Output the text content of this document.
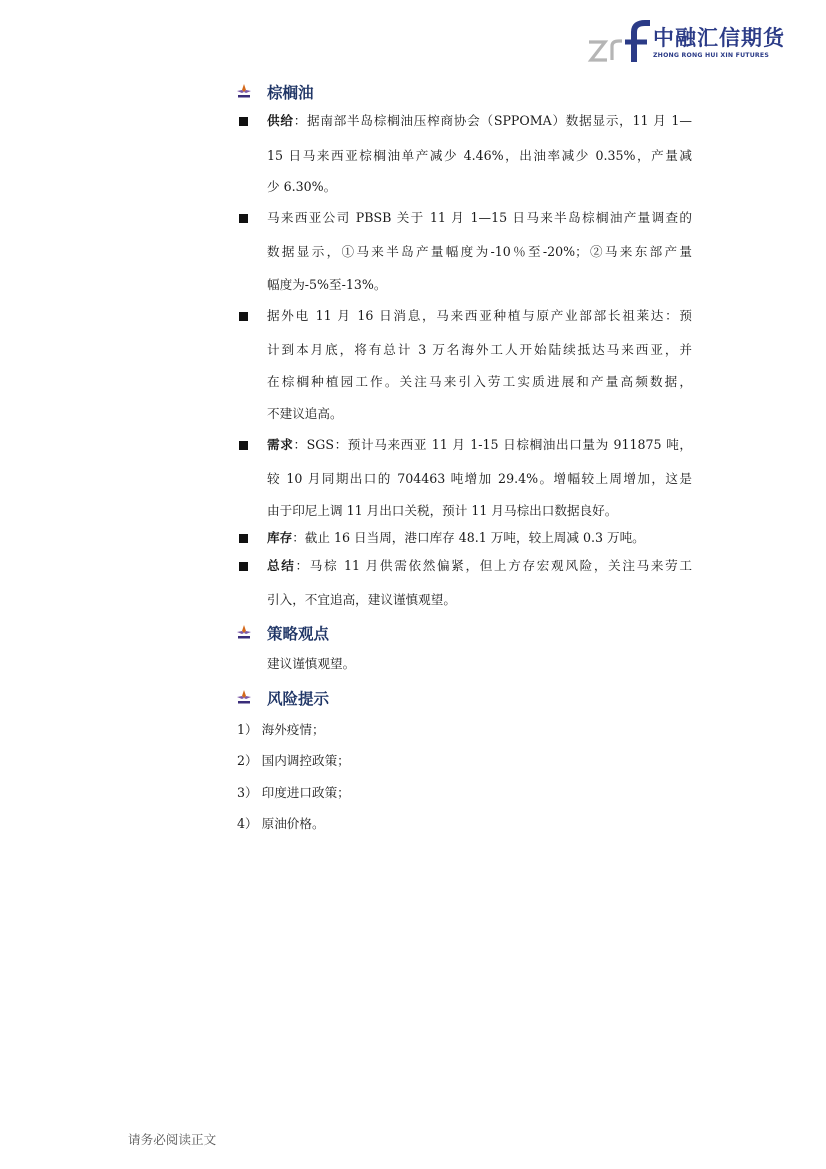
中融汇信期货
ZHONG RONG HUI XIN FUTURES
棕榈油
供给：据南部半岛棕榈油压榨商协会（SPPOMA）数据显示，11 月 1—
15 日马来西亚棕榈油单产减少 4.46%，出油率减少 0.35%，产量减
少 6.30%。
马来西亚公司 PBSB 关于 11 月 1—15 日马来半岛棕榈油产量调查的
数据显示，①马来半岛产量幅度为-10％至-20%；②马来东部产量
幅度为-5%至-13%。
据外电 11 月 16 日消息，马来西亚种植与原产业部部长祖莱达：预
计到本月底，将有总计 3 万名海外工人开始陆续抵达马来西亚，并
在棕榈种植园工作。关注马来引入劳工实质进展和产量高频数据，
不建议追高。
需求：SGS：预计马来西亚 11 月 1-15 日棕榈油出口量为 911875 吨，
较 10 月同期出口的 704463 吨增加 29.4%。增幅较上周增加，这是
由于印尼上调 11 月出口关税，预计 11 月马棕出口数据良好。
库存：截止 16 日当周，港口库存 48.1 万吨，较上周减 0.3 万吨。
总结：马棕 11 月供需依然偏紧，但上方存宏观风险，关注马来劳工
引入，不宜追高，建议谨慎观望。
策略观点
建议谨慎观望。
风险提示
1） 海外疫情；
2） 国内调控政策；
3） 印度进口政策；
4） 原油价格。
请务必阅读正文
